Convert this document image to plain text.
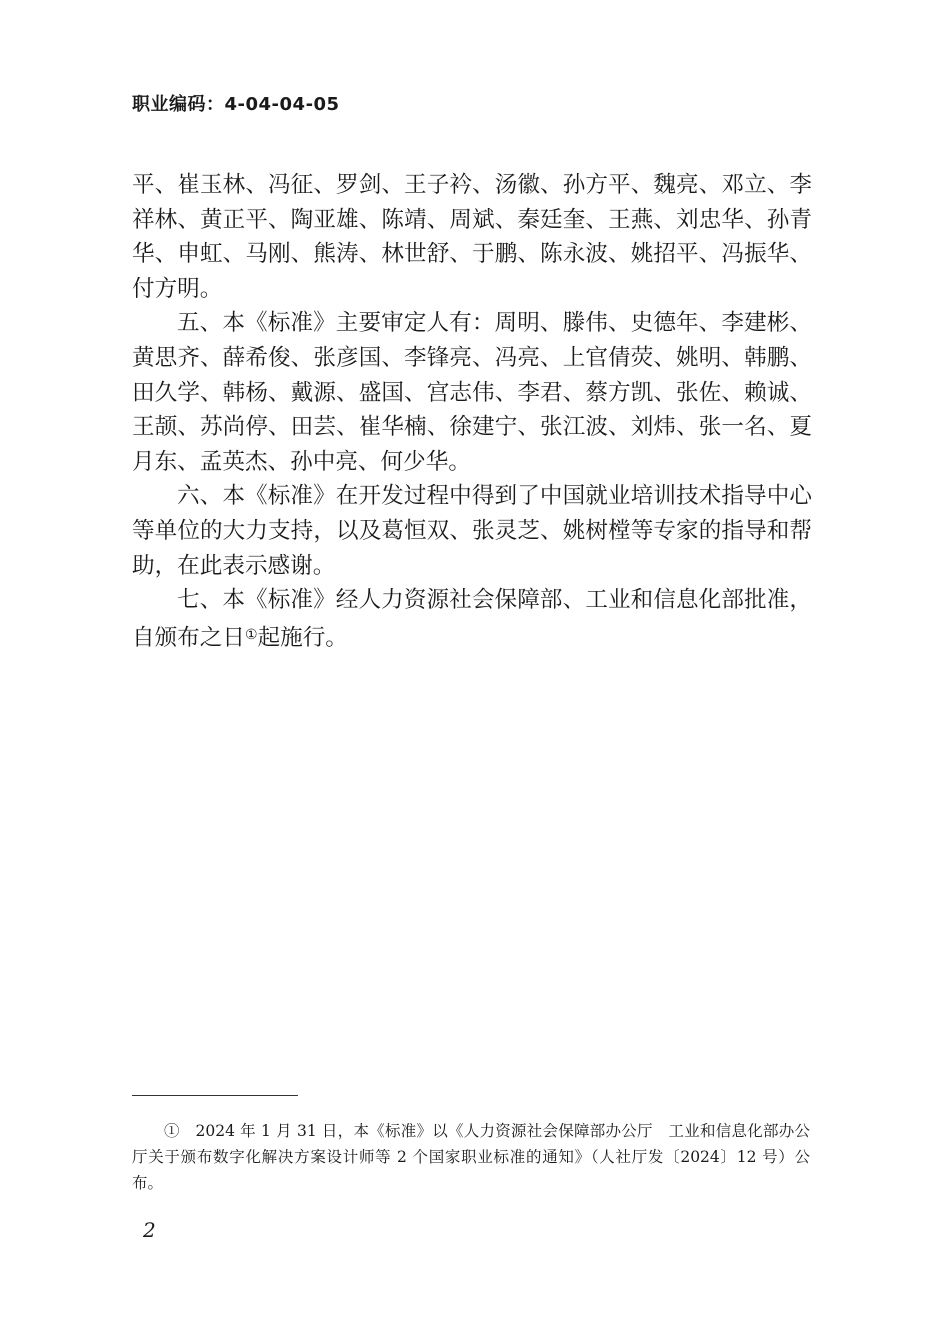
职业编码：4-04-04-05

平、崔玉林、冯征、罗剑、王子衿、汤徽、孙方平、魏亮、邓立、李祥林、黄正平、陶亚雄、陈靖、周斌、秦廷奎、王燕、刘忠华、孙青华、申虹、马刚、熊涛、林世舒、于鹏、陈永波、姚招平、冯振华、付方明。

五、本《标准》主要审定人有：周明、滕伟、史德年、李建彬、黄思齐、薛希俊、张彦国、李锋亮、冯亮、上官倩荧、姚明、韩鹏、田久学、韩杨、戴源、盛国、宫志伟、李君、蔡方凯、张佐、赖诚、王颉、苏尚停、田芸、崔华楠、徐建宁、张江波、刘炜、张一名、夏月东、孟英杰、孙中亮、何少华。

六、本《标准》在开发过程中得到了中国就业培训技术指导中心等单位的大力支持，以及葛恒双、张灵芝、姚树樘等专家的指导和帮助，在此表示感谢。

七、本《标准》经人力资源社会保障部、工业和信息化部批准，自颁布之日①起施行。

①　2024 年 1 月 31 日，本《标准》以《人力资源社会保障部办公厅　工业和信息化部办公厅关于颁布数字化解决方案设计师等 2 个国家职业标准的通知》（人社厅发〔2024〕12 号）公布。
2
